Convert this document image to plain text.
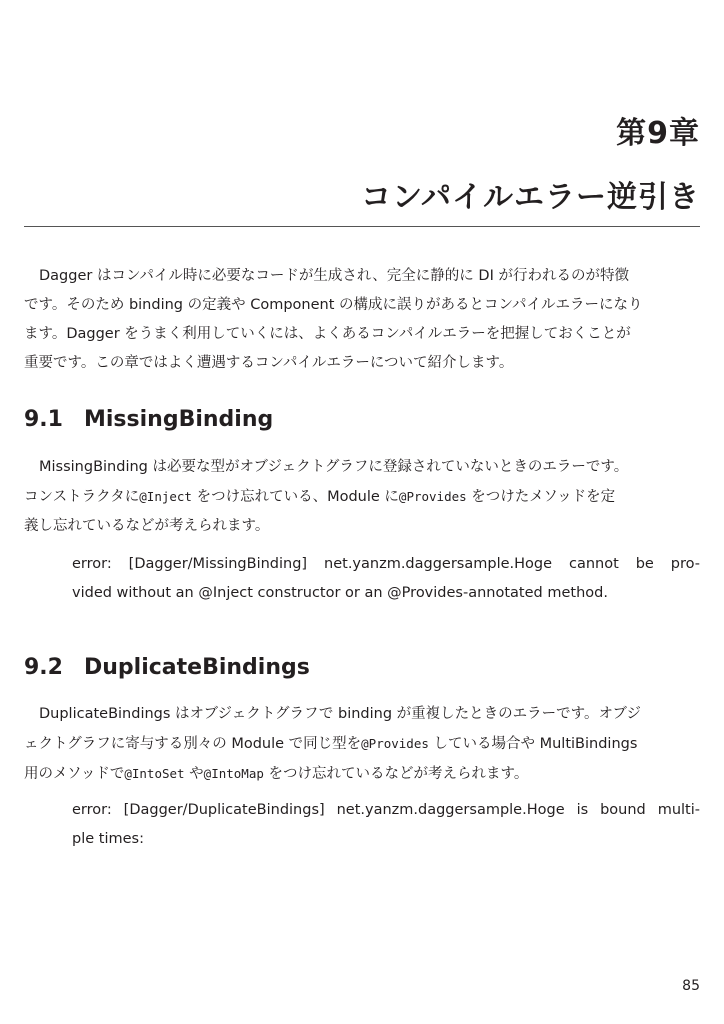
第9章
コンパイルエラー逆引き
Dagger はコンパイル時に必要なコードが生成され、完全に静的に DI が行われるのが特徴
です。そのため binding の定義や Component の構成に誤りがあるとコンパイルエラーになり
ます。Dagger をうまく利用していくには、よくあるコンパイルエラーを把握しておくことが
重要です。この章ではよく遭遇するコンパイルエラーについて紹介します。
9.1 MissingBinding
MissingBinding は必要な型がオブジェクトグラフに登録されていないときのエラーです。
コンストラクタに@Inject をつけ忘れている、Module に@Provides をつけたメソッドを定
義し忘れているなどが考えられます。
error: [Dagger/MissingBinding] net.yanzm.daggersample.Hoge cannot be pro-
vided without an @Inject constructor or an @Provides-annotated method.
9.2 DuplicateBindings
DuplicateBindings はオブジェクトグラフで binding が重複したときのエラーです。オブジ
ェクトグラフに寄与する別々の Module で同じ型を@Provides している場合や MultiBindings
用のメソッドで@IntoSet や@IntoMap をつけ忘れているなどが考えられます。
error: [Dagger/DuplicateBindings] net.yanzm.daggersample.Hoge is bound multi-
ple times:
85
